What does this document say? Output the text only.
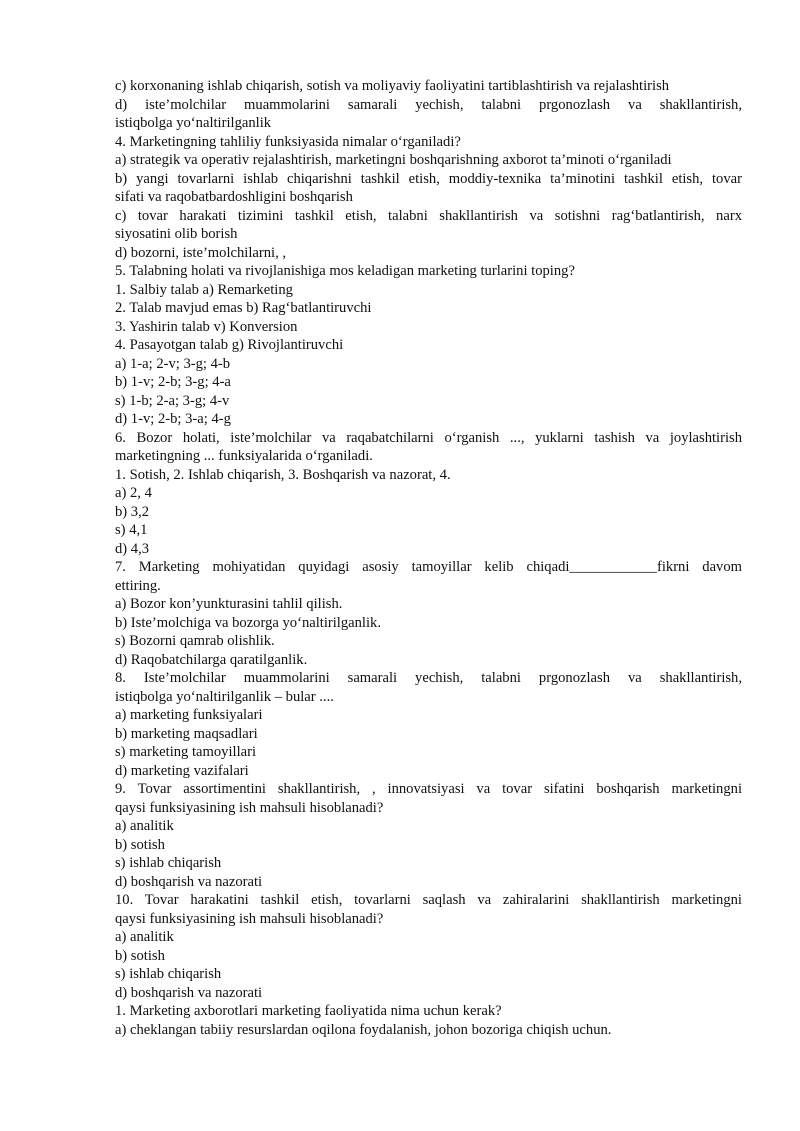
c) korxonaning ishlab chiqarish, sotish va moliyaviy faoliyatini tartiblashtirish va rejalashtirish
d) iste’molchilar muammolarini samarali yechish, talabni prgonozlash va shakllantirish,
istiqbolga yo‘naltirilganlik
4. Marketingning tahliliy funksiyasida nimalar o‘rganiladi?
a) strategik va operativ rejalashtirish, marketingni boshqarishning axborot ta’minoti o‘rganiladi
b) yangi tovarlarni ishlab chiqarishni tashkil etish, moddiy-texnika ta’minotini tashkil etish, tovar
sifati va raqobatbardoshligini boshqarish
c) tovar harakati tizimini tashkil etish, talabni shakllantirish va sotishni rag‘batlantirish, narx
siyosatini olib borish
d) bozorni, iste’molchilarni, ,
5. Talabning holati va rivojlanishiga mos keladigan marketing turlarini toping?
1. Salbiy talab a) Remarketing
2. Talab mavjud emas b) Rag‘batlantiruvchi
3. Yashirin talab v) Konversion
4. Pasayotgan talab g) Rivojlantiruvchi
a) 1-a; 2-v; 3-g; 4-b
b) 1-v; 2-b; 3-g; 4-a
s) 1-b; 2-a; 3-g; 4-v
d) 1-v; 2-b; 3-a; 4-g
6. Bozor holati, iste’molchilar va raqabatchilarni o‘rganish ..., yuklarni tashish va joylashtirish
marketingning ... funksiyalarida o‘rganiladi.
1. Sotish, 2. Ishlab chiqarish, 3. Boshqarish va nazorat, 4.
a) 2, 4
b) 3,2
s) 4,1
d) 4,3
7. Marketing mohiyatidan quyidagi asosiy tamoyillar kelib chiqadi____________fikrni davom
ettiring.
a) Bozor kon’yunkturasini tahlil qilish.
b) Iste’molchiga va bozorga yo‘naltirilganlik.
s) Bozorni qamrab olishlik.
d) Raqobatchilarga qaratilganlik.
8. Iste’molchilar muammolarini samarali yechish, talabni prgonozlash va shakllantirish,
istiqbolga yo‘naltirilganlik – bular ....
a) marketing funksiyalari
b) marketing maqsadlari
s) marketing tamoyillari
d) marketing vazifalari
9. Tovar assortimentini shakllantirish, , innovatsiyasi va tovar sifatini boshqarish marketingni
qaysi funksiyasining ish mahsuli hisoblanadi?
a) analitik
b) sotish
s) ishlab chiqarish
d) boshqarish va nazorati
10. Tovar harakatini tashkil etish, tovarlarni saqlash va zahiralarini shakllantirish marketingni
qaysi funksiyasining ish mahsuli hisoblanadi?
a) analitik
b) sotish
s) ishlab chiqarish
d) boshqarish va nazorati
1. Marketing axborotlari marketing faoliyatida nima uchun kerak?
a) cheklangan tabiiy resurslardan oqilona foydalanish, johon bozoriga chiqish uchun.
